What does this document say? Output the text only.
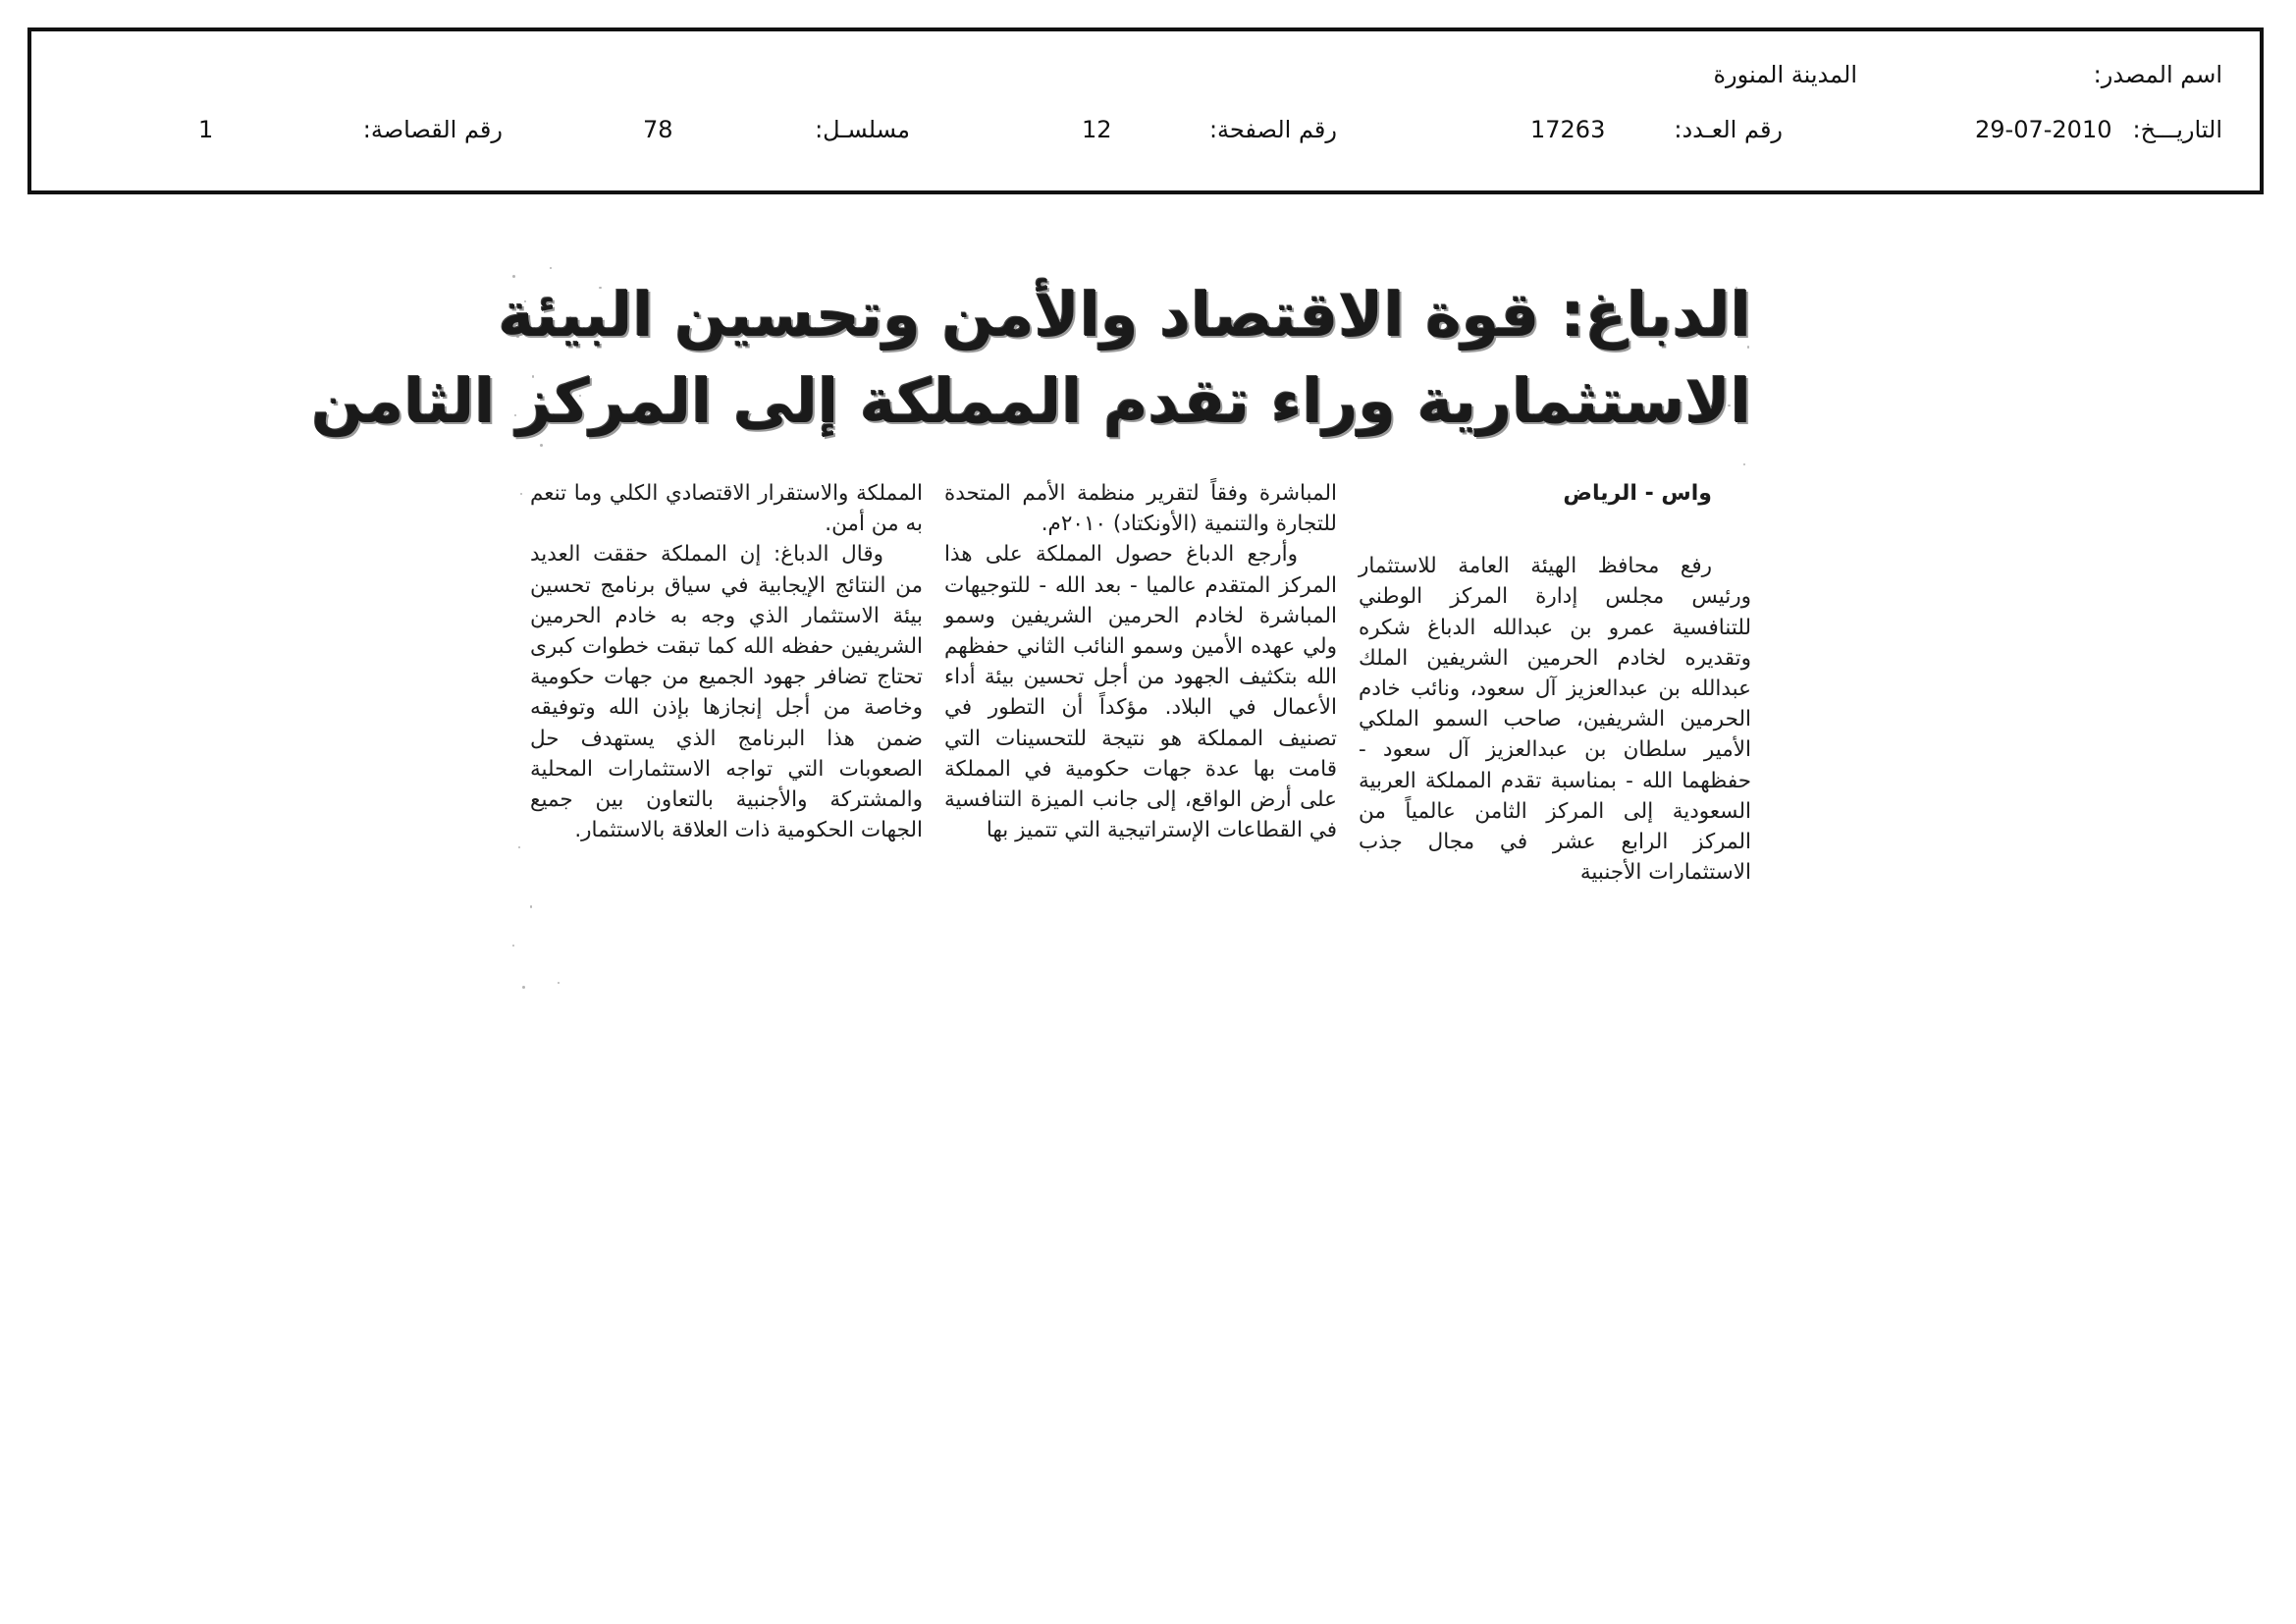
اسم المصدر:
المدينة المنورة
التاريـــخ:
29-07-2010
رقم العـدد:
17263
رقم الصفحة:
12
مسلسـل:
78
رقم القصاصة:
1
الدباغ: قوة الاقتصاد والأمن وتحسين البيئة
الاستثمارية وراء تقدم المملكة إلى المركز الثامن

واس - الرياض

رفع محافظ الهيئة العامة للاستثمار ورئيس مجلس إدارة المركز الوطني للتنافسية عمرو بن عبدالله الدباغ شكره وتقديره لخادم الحرمين الشريفين الملك عبدالله بن عبدالعزيز آل سعود، ونائب خادم الحرمين الشريفين، صاحب السمو الملكي الأمير سلطان بن عبدالعزيز آل سعود - حفظهما الله - بمناسبة تقدم المملكة العربية السعودية إلى المركز الثامن عالمياً من المركز الرابع عشر في مجال جذب الاستثمارات الأجنبية

المباشرة وفقاً لتقرير منظمة الأمم المتحدة للتجارة والتنمية (الأونكتاد) ٢٠١٠م.

وأرجع الدباغ حصول المملكة على هذا المركز المتقدم عالميا - بعد الله - للتوجيهات المباشرة لخادم الحرمين الشريفين وسمو ولي عهده الأمين وسمو النائب الثاني حفظهم الله بتكثيف الجهود من أجل تحسين بيئة أداء الأعمال في البلاد. مؤكداً أن التطور في تصنيف المملكة هو نتيجة للتحسينات التي قامت بها عدة جهات حكومية في المملكة على أرض الواقع، إلى جانب الميزة التنافسية في القطاعات الإستراتيجية التي تتميز بها

المملكة والاستقرار الاقتصادي الكلي وما تنعم به من أمن.

وقال الدباغ: إن المملكة حققت العديد من النتائج الإيجابية في سياق برنامج تحسين بيئة الاستثمار الذي وجه به خادم الحرمين الشريفين حفظه الله كما تبقت خطوات كبرى تحتاج تضافر جهود الجميع من جهات حكومية وخاصة من أجل إنجازها بإذن الله وتوفيقه ضمن هذا البرنامج الذي يستهدف حل الصعوبات التي تواجه الاستثمارات المحلية والمشتركة والأجنبية بالتعاون بين جميع الجهات الحكومية ذات العلاقة بالاستثمار.
